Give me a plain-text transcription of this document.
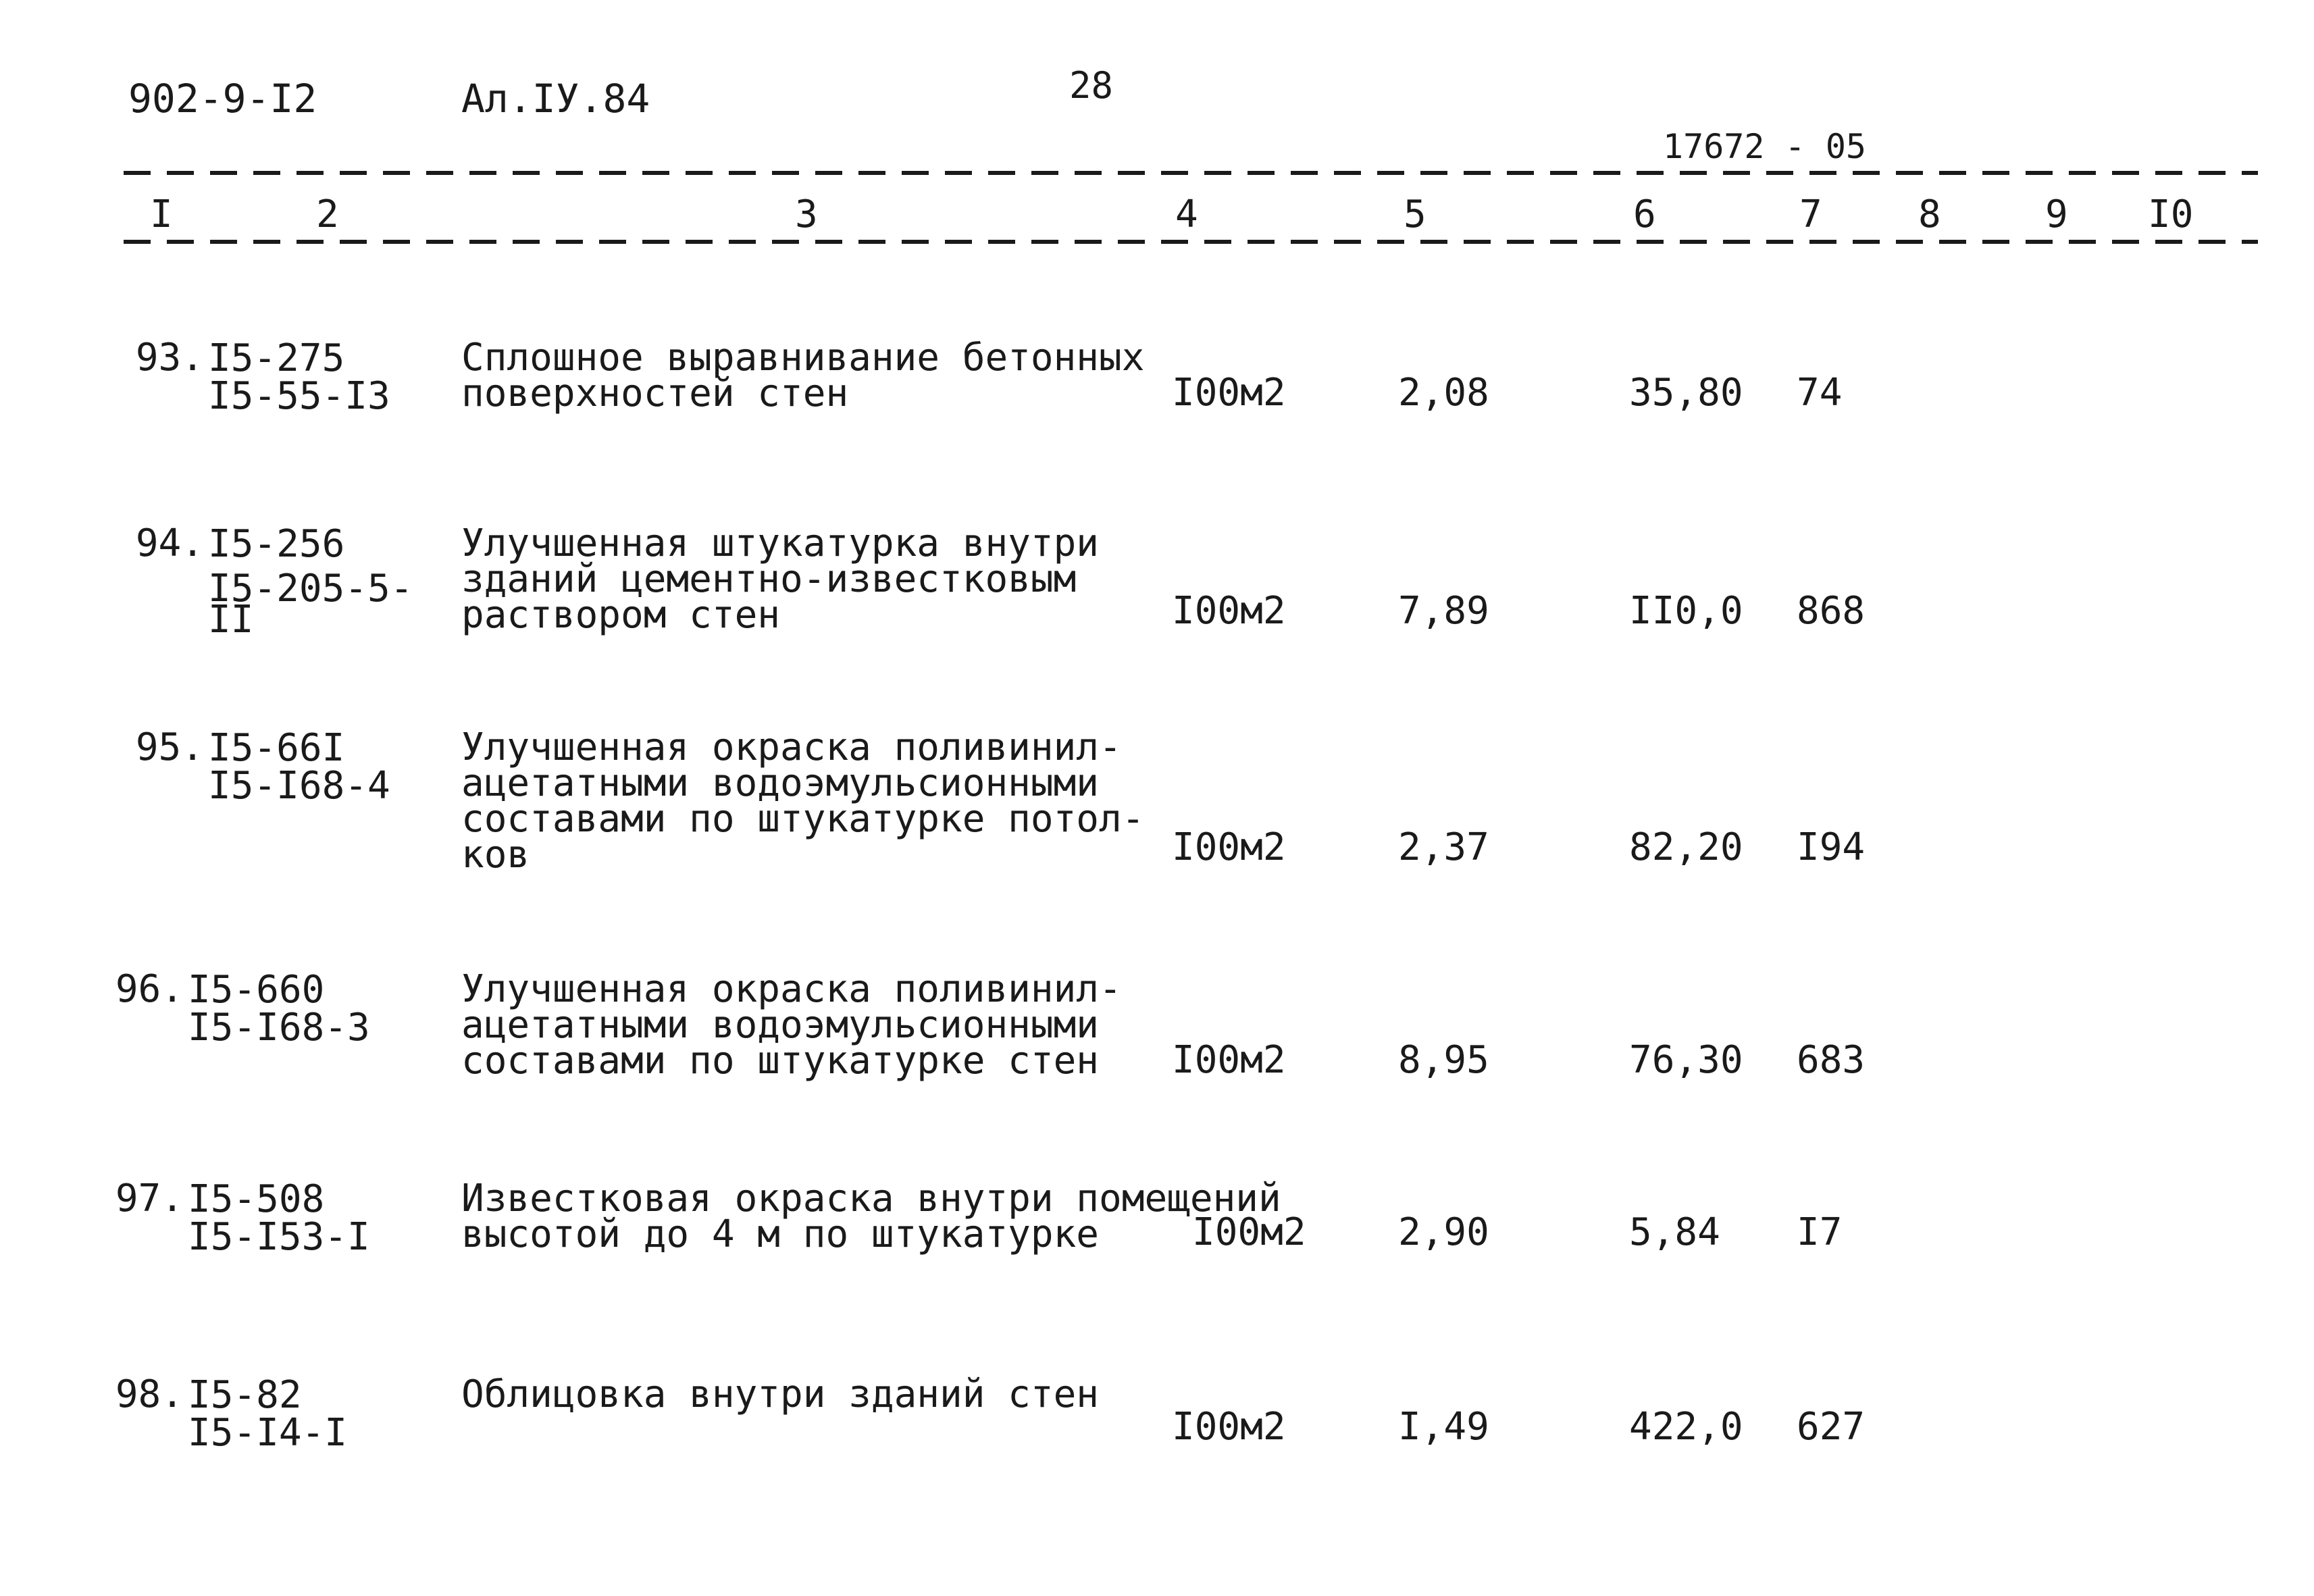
902-9-I2	Ал.IУ.84	28
17672 - 05
I	2	3	4	5	6	7	8	9 I0
93. I5-275
I5-55-I3
Сплошное выравнивание бетонных
поверхностей стен	I00м2	2,08	35,80 74
94. I5-256
I5-205-5-
II
Улучшенная штукатурка внутри
зданий цементно-известковым
раствором стен	I00м2	7,89	II0,0 868
95. I5-66I
I5-I68-4
Улучшенная окраска поливинил-
ацетатными водоэмульсионными
составами по штукатурке потол-
ков	I00м2	2,37	82,20 I94
96. I5-660
I5-I68-3
Улучшенная окраска поливинил-
ацетатными водоэмульсионными
составами по штукатурке стен	I00м2	8,95	76,30 683
97. I5-508
I5-I53-I
Известковая окраска внутри помещений
высотой до 4 м по штукатурке	I00м2 2,90	5,84 I7
98. I5-82
I5-I4-I
Облицовка внутри зданий стен
I00м2	I,49	422,0 627
